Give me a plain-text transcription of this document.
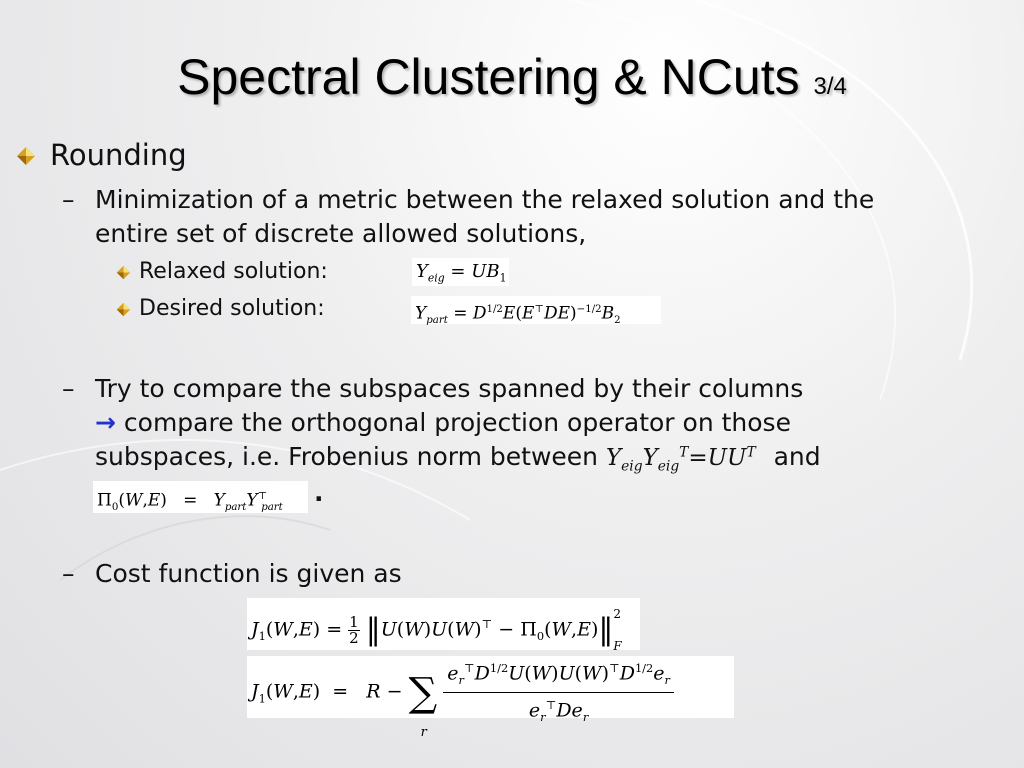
Spectral Clustering & NCuts 3/4
Rounding
– Minimization of a metric between the relaxed solution and the
entire set of discrete allowed solutions,
Relaxed solution:	$Y_{eig} = UB_1$
Desired solution:	$Y_{part} = D^{1/2}E(E^⊤DE)^{-1/2}B_2$
– Try to compare the subspaces spanned by their columns
→ compare the orthogonal projection operator on those
subspaces, i.e. Frobenius norm between $Y_{eig}Y_{eig}^T=UU^T$ and
$\Pi_0(W,E) = Y_{part}Y^⊤_{part}$
.
– Cost function is given as
$J_1(W,E) = \frac{1}{2}$ ‖U(W)U(W)⊤ − $\Pi_0(W,E)‖2$

F
$J_1(W,E) = R$ − ∑
r

$\frac{e_r^⊤D^{1/2}U(W)U(W)^⊤D^{1/2}e_r}{e_r^⊤De_r}$
